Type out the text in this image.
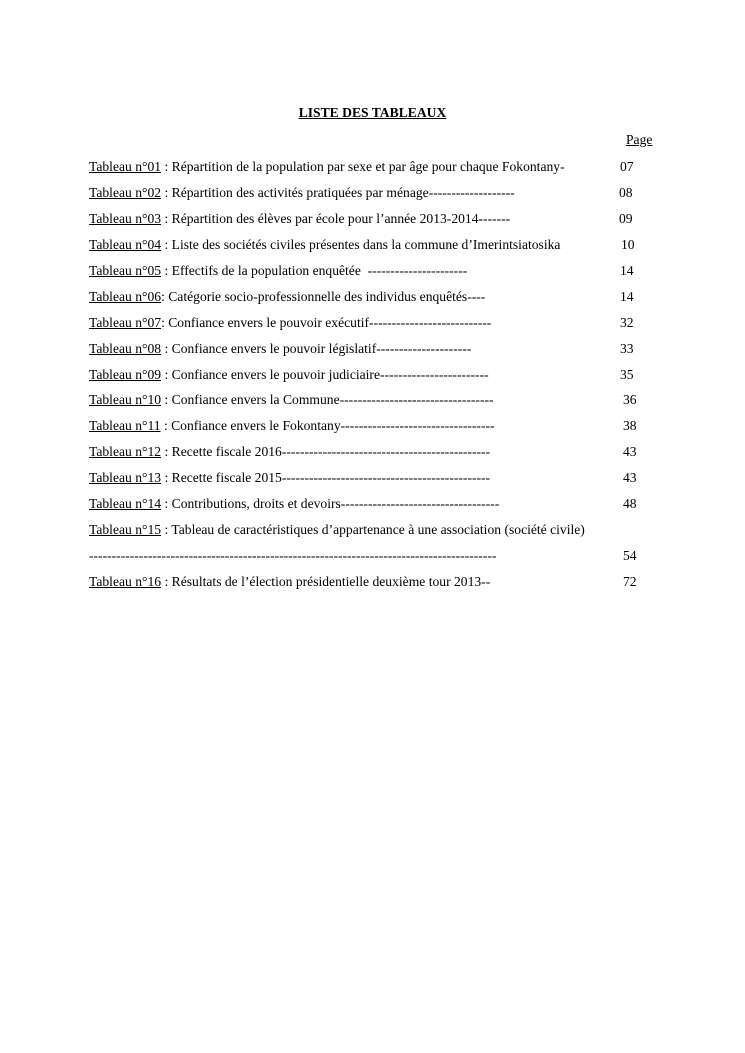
LISTE DES TABLEAUX
Page
Tableau n°01 : Répartition de la population par sexe et par âge pour chaque Fokontany-	07
Tableau n°02 : Répartition des activités pratiquées par ménage-------------------	08
Tableau n°03 : Répartition des élèves par école pour l’année 2013-2014-------	09
Tableau n°04 : Liste des sociétés civiles présentes dans la commune d’Imerintsiatosika	10
Tableau n°05 : Effectifs de la population enquêtée  ----------------------	14
Tableau n°06: Catégorie socio-professionnelle des individus enquêtés----	14
Tableau n°07: Confiance envers le pouvoir exécutif---------------------------	32
Tableau n°08 : Confiance envers le pouvoir législatif---------------------	33
Tableau n°09 : Confiance envers le pouvoir judiciaire------------------------	35
Tableau n°10 : Confiance envers la Commune----------------------------------	36
Tableau n°11 : Confiance envers le Fokontany----------------------------------	38
Tableau n°12 : Recette fiscale 2016----------------------------------------------	43
Tableau n°13 : Recette fiscale 2015----------------------------------------------	43
Tableau n°14 : Contributions, droits et devoirs-----------------------------------	48
Tableau n°15 : Tableau de caractéristiques d’appartenance à une association (société civile)
------------------------------------------------------------------------------------------	54
Tableau n°16 : Résultats de l’élection présidentielle deuxième tour 2013--	72
